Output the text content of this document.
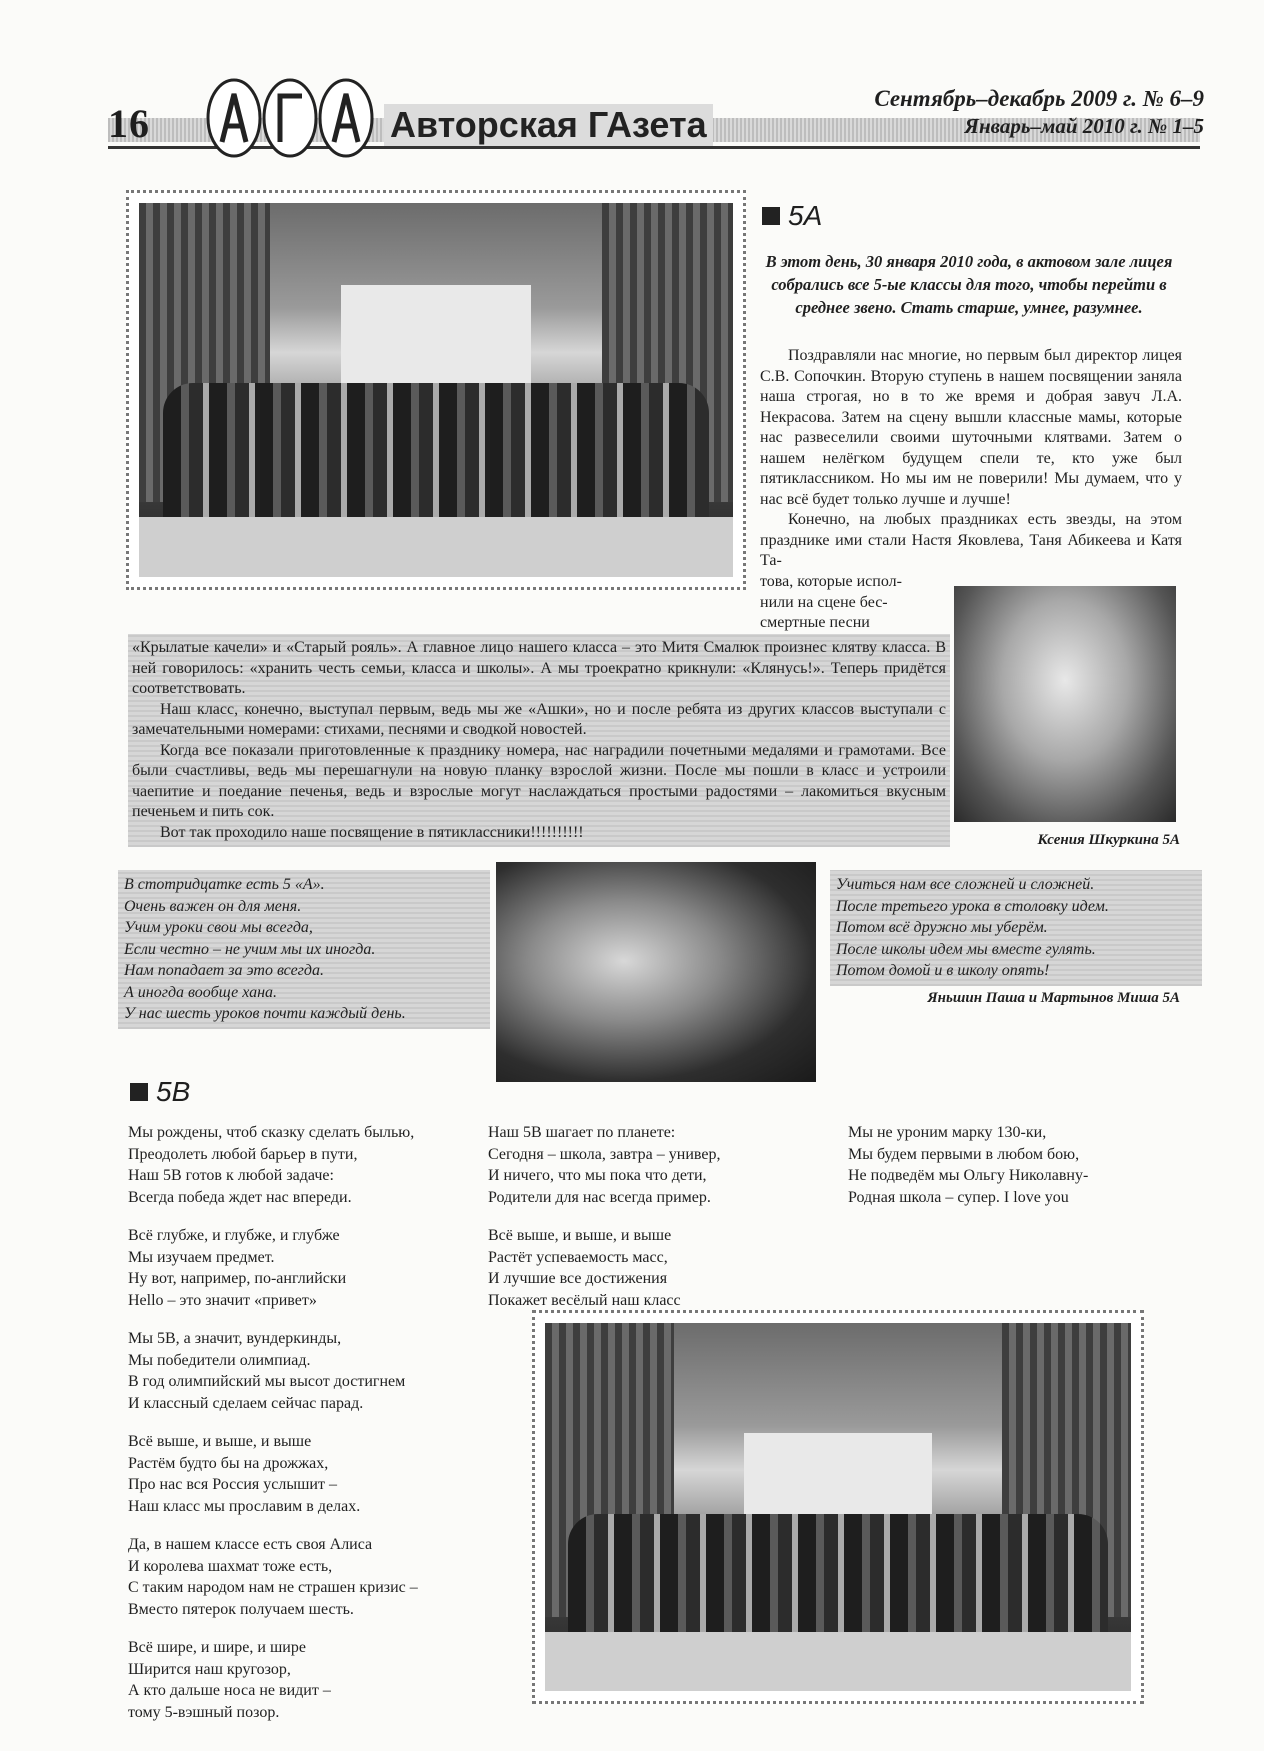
16	Авторская ГАзета
Сентябрь–декабрь 2009 г. № 6–9
Январь–май 2010 г. № 1–5
5А
В этот день, 30 января 2010 года, в актовом зале лицея собрались все 5-ые классы для того, чтобы перейти в среднее звено. Стать старше, умнее, разумнее.

Поздравляли нас многие, но первым был директор лицея С.В. Сопочкин. Вторую ступень в нашем посвящении заняла наша строгая, но в то же время и добрая завуч Л.А. Некрасова. Затем на сцену вышли классные мамы, которые нас развеселили своими шуточными клятвами. Затем о нашем нелёгком будущем спели те, кто уже был пятиклассником. Но мы им не поверили! Мы думаем, что у нас всё будет только лучше и лучше!

Конечно, на любых праздниках есть звезды, на этом празднике ими стали Настя Яковлева, Таня Абикеева и Катя Та-

това, которые испол-
нили на сцене бес-
смертные песни
«Крылатые качели» и «Старый рояль». А главное лицо нашего класса – это Митя Смалюк произнес клятву класса. В ней говорилось: «хранить честь семьи, класса и школы». А мы троекратно крикнули: «Клянусь!». Теперь придётся соответствовать.

Наш класс, конечно, выступал первым, ведь мы же «Ашки», но и после ребята из других классов выступали с замечательными номерами: стихами, песнями и сводкой новостей.

Когда все показали приготовленные к празднику номера, нас наградили почетными медалями и грамотами. Все были счастливы, ведь мы перешагнули на новую планку взрослой жизни. После мы пошли в класс и устроили чаепитие и поедание печенья, ведь и взрослые могут наслаждаться простыми радостями – лакомиться вкусным печеньем и пить сок.

Вот так проходило наше посвящение в пятиклассники!!!!!!!!!!	Ксения Шкуркина 5А
В стотридцатке есть 5 «А».
Очень важен он для меня.
Учим уроки свои мы всегда,
Если честно – не учим мы их иногда.
Нам попадает за это всегда.
А иногда вообще хана.
У нас шесть уроков почти каждый день.
Учиться нам все сложней и сложней.
После третьего урока в столовку идем.
Потом всё дружно мы уберём.
После школы идем мы вместе гулять.
Потом домой и в школу опять!
Яньшин Паша и Мартынов Миша 5А
5В
Мы рождены, чтоб сказку сделать былью,
Преодолеть любой барьер в пути,
Наш 5В готов к любой задаче:
Всегда победа ждет нас впереди.
Всё глубже, и глубже, и глубже
Мы изучаем предмет.
Ну вот, например, по-английски
Hello – это значит «привет»
Мы 5В, а значит, вундеркинды,
Мы победители олимпиад.
В год олимпийский мы высот достигнем
И классный сделаем сейчас парад.
Всё выше, и выше, и выше
Растём будто бы на дрожжах,
Про нас вся Россия услышит –
Наш класс мы прославим в делах.
Да, в нашем классе есть своя Алиса
И королева шахмат тоже есть,
С таким народом нам не страшен кризис –
Вместо пятерок получаем шесть.
Всё шире, и шире, и шире
Ширится наш кругозор,
А кто дальше носа не видит –
тому 5-вэшный позор.
Наш 5В шагает по планете:
Сегодня – школа, завтра – универ,
И ничего, что мы пока что дети,
Родители для нас всегда пример.
Всё выше, и выше, и выше
Растёт успеваемость масс,
И лучшие все достижения
Покажет весёлый наш класс
Мы не уроним марку 130-ки,
Мы будем первыми в любом бою,
Не подведём мы Ольгу Николавну-
Родная школа – супер. I love you
